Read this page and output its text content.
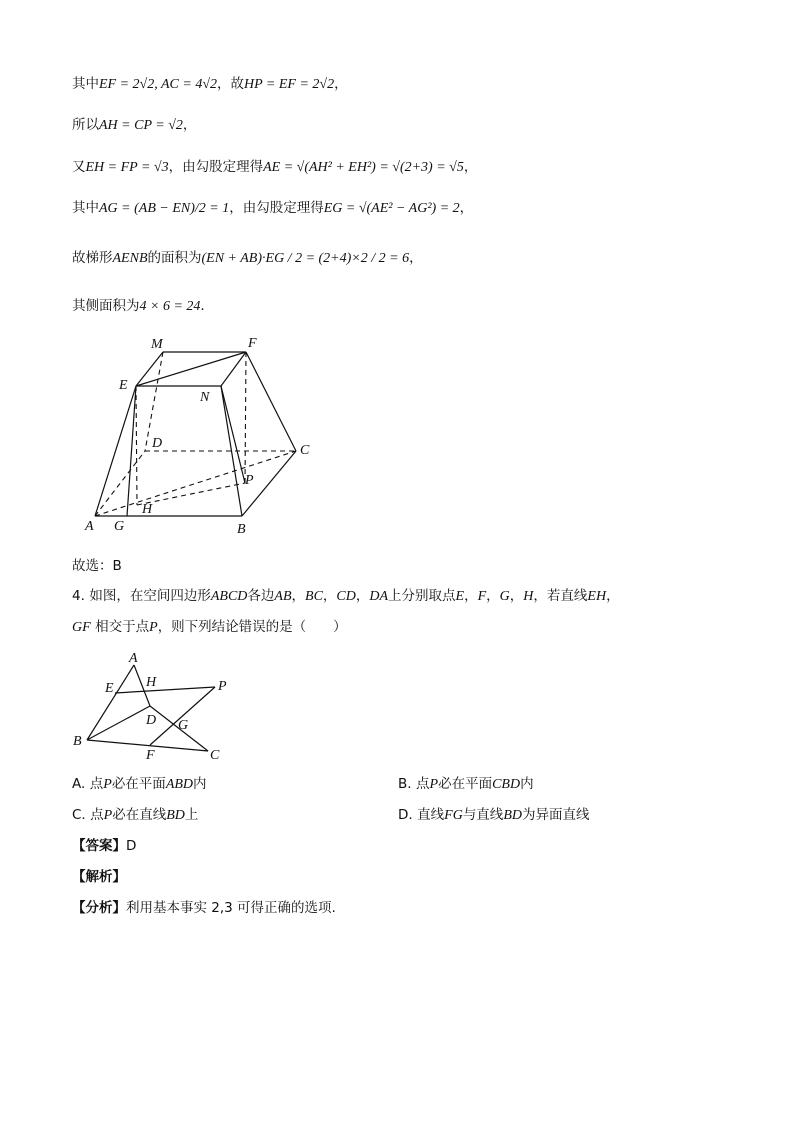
其中EF = 2√2, AC = 4√2，故HP = EF = 2√2，
所以AH = CP = √2，
又EH = FP = √3，由勾股定理得AE = √(AH² + EH²) = √(2+3) = √5，
其中AG = (AB − EN)/2 = 1，由勾股定理得EG = √(AE² − AG²) = 2，
故梯形AENB的面积为(EN + AB)·EG / 2 = (2+4)×2 / 2 = 6，
其侧面积为4 × 6 = 24.
M	F
E
N
D	C
P
A G
H
B
故选：B
4. 如图，在空间四边形ABCD各边AB，BC，CD，DA上分别取点E，F，G，H，若直线EH，
GF 相交于点P，则下列结论错误的是（　　）
A
E H	P
D G
B
F	C
A. 点P必在平面ABD内	B. 点P必在平面CBD内
C. 点P必在直线BD上	D. 直线FG与直线BD为异面直线
【答案】D
【解析】
【分析】利用基本事实 2,3 可得正确的选项.
